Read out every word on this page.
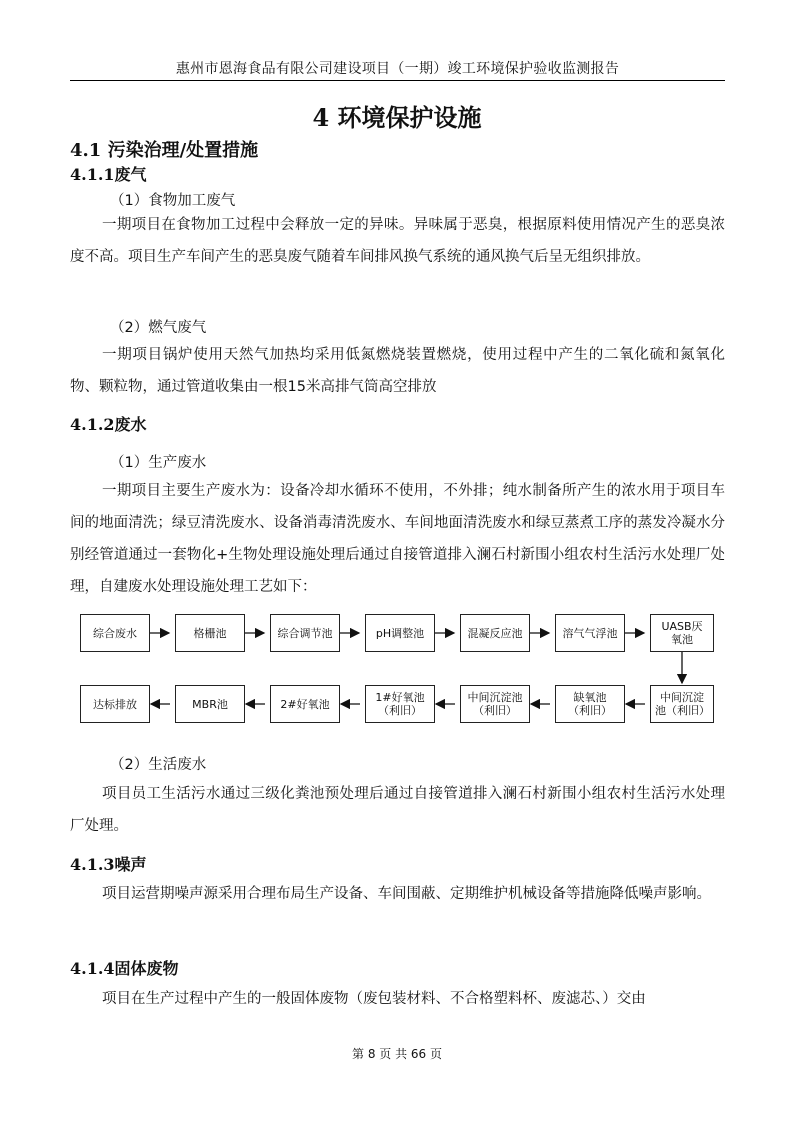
惠州市恩海食品有限公司建设项目（一期）竣工环境保护验收监测报告
4 环境保护设施
4.1 污染治理/处置措施
4.1.1废气
（1）食物加工废气
一期项目在食物加工过程中会释放一定的异味。异味属于恶臭，根据原料使用情况产生的恶臭浓度不高。项目生产车间产生的恶臭废气随着车间排风换气系统的通风换气后呈无组织排放。
（2）燃气废气
一期项目锅炉使用天然气加热均采用低氮燃烧装置燃烧，使用过程中产生的二氧化硫和氮氧化物、颗粒物，通过管道收集由一根15米高排气筒高空排放
4.1.2废水
（1）生产废水
一期项目主要生产废水为：设备冷却水循环不使用，不外排；纯水制备所产生的浓水用于项目车间的地面清洗；绿豆清洗废水、设备消毒清洗废水、车间地面清洗废水和绿豆蒸煮工序的蒸发冷凝水分别经管道通过一套物化+生物处理设施处理后通过自接管道排入澜石村新围小组农村生活污水处理厂处理，自建废水处理设施处理工艺如下：
综合废水	格栅池	综合调节池	pH调整池	混凝反应池	溶气气浮池	UASB厌氧池
中间沉淀池（利旧）
缺氧池（利旧）
中间沉淀池（利旧）
1#好氧池（利旧）
2#好氧池
MBR池
达标排放
（2）生活废水
项目员工生活污水通过三级化粪池预处理后通过自接管道排入澜石村新围小组农村生活污水处理厂处理。
4.1.3噪声
项目运营期噪声源采用合理布局生产设备、车间围蔽、定期维护机械设备等措施降低噪声影响。
4.1.4固体废物
项目在生产过程中产生的一般固体废物（废包装材料、不合格塑料杯、废滤芯、）交由
第 8 页 共 66 页
